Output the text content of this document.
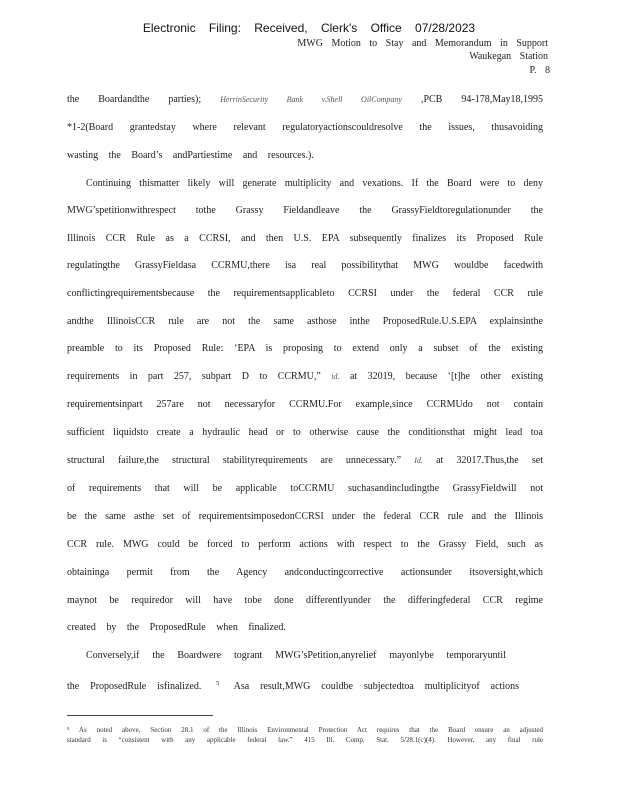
Electronic Filing: Received, Clerk's Office 07/28/2023
MWG Motion to Stay and Memorandum in Support
Waukegan Station
P. 8
the Boardandthe parties); HerrinSecurity Bank v.Shell OilCompany ,PCB 94-178,May18,1995
*1-2(Board grantedstay where relevant regulatoryactionscouldresolve the issues, thusavoiding
wasting the Board’s andPartiestime and resources.).
Continuing thismatter likely will generate multiplicity and vexations. If the Board were to deny
MWG’spetitionwithrespect tothe Grassy Fieldandleave the GrassyFieldtoregulationunder the
Illinois CCR Rule as a CCRSI, and then U.S. EPA subsequently finalizes its Proposed Rule
regulatingthe GrassyFieldasa CCRMU,there isa real possibilitythat MWG wouldbe facedwith
conflictingrequirementsbecause the requirementsapplicableto CCRSI under the federal CCR rule
andthe IllinoisCCR rule are not the same asthose inthe ProposedRule.U.S.EPA explainsinthe
preamble to its Proposed Rule: ‘EPA is proposing to extend only a subset of the existing
requirements in part 257, subpart D to CCRMU,” id. at 32019, because ‘[t]he other existing
requirementsinpart 257are not necessaryfor CCRMU.For example,since CCRMUdo not contain
sufficient liquidsto create a hydraulic head or to otherwise cause the conditionsthat might lead toa
structural failure,the structural stabilityrequirements are unnecessary.” Id. at 32017.Thus,the set
of requirements that will be applicable toCCRMU suchasandincludingthe GrassyFieldwill not
be the same asthe set of requirementsimposedonCCRSI under the federal CCR rule and the Illinois
CCR rule. MWG could be forced to perform actions with respect to the Grassy Field, such as
obtaininga permit from the Agency andconductingcorrective actionsunder itsoversight,which
maynot be requiredor will have tobe done differentlyunder the differingfederal CCR regime
created by the ProposedRule when finalized.
Conversely,if the Boardwere togrant MWG’sPetition,anyrelief mayonlybe temporaryuntil
the ProposedRule isfinalized. $^5$ Asa result,MWG couldbe subjectedtoa multiplicityof actions
⁵ As noted above, Section 28.1 of the Illinois Environmental Protection Act requires that the Board ensure an adjusted
standard is “consistent with any applicable federal law.” 415 Ill. Comp. Stat. 5/28.1(c)(4). However, any final rule
